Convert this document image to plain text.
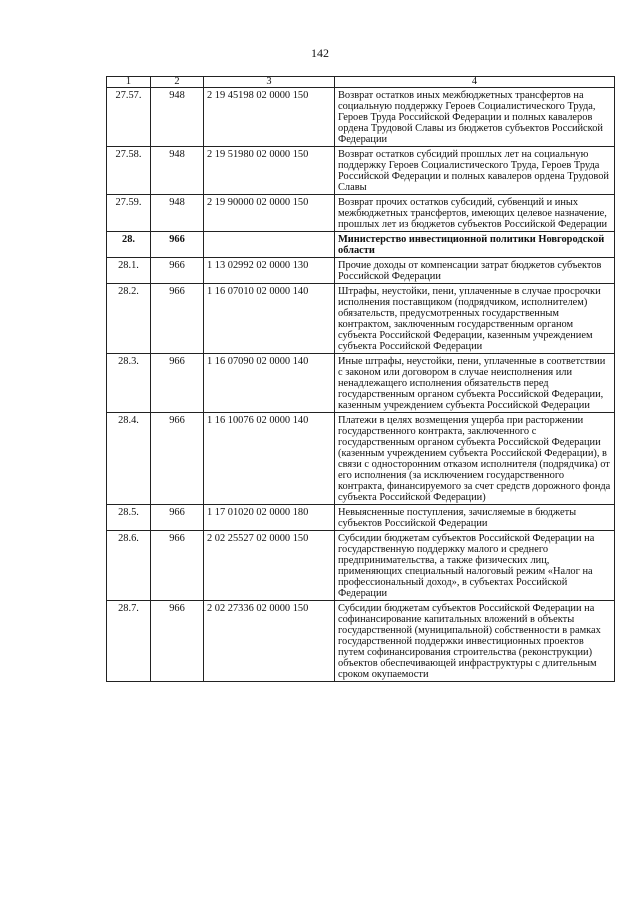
142
1	2	3	4
27.57.	948	2 19 45198 02 0000 150	Возврат остатков иных межбюджетных трансфертов на социальную поддержку Героев Социалистического Труда, Героев Труда Российской Федерации и полных кавалеров ордена Трудовой Славы из бюджетов субъектов Российской Федерации
27.58.	948	2 19 51980 02 0000 150	Возврат остатков субсидий прошлых лет на социальную поддержку Героев Социалистического Труда, Героев Труда Российской Федерации и полных кавалеров ордена Трудовой Славы
27.59.	948	2 19 90000 02 0000 150	Возврат прочих остатков субсидий, субвенций и иных межбюджетных трансфертов, имеющих целевое назначение, прошлых лет из бюджетов субъектов Российской Федерации
28.	966		Министерство инвестиционной политики Новгородской области
28.1.	966	1 13 02992 02 0000 130	Прочие доходы от компенсации затрат бюджетов субъектов Российской Федерации
28.2.	966	1 16 07010 02 0000 140	Штрафы, неустойки, пени, уплаченные в случае просрочки исполнения поставщиком (подрядчиком, исполнителем) обязательств, предусмотренных государственным контрактом, заключенным государственным органом субъекта Российской Федерации, казенным учреждением субъекта Российской Федерации
28.3.	966	1 16 07090 02 0000 140	Иные штрафы, неустойки, пени, уплаченные в соответствии с законом или договором в случае неисполнения или ненадлежащего исполнения обязательств перед государственным органом субъекта Российской Федерации, казенным учреждением субъекта Российской Федерации
28.4.	966	1 16 10076 02 0000 140	Платежи в целях возмещения ущерба при расторжении государственного контракта, заключенного с государственным органом субъекта Российской Федерации (казенным учреждением субъекта Российской Федерации), в связи с односторонним отказом исполнителя (подрядчика) от его исполнения (за исключением государственного контракта, финансируемого за счет средств дорожного фонда субъекта Российской Федерации)
28.5.	966	1 17 01020 02 0000 180	Невыясненные поступления, зачисляемые в бюджеты субъектов Российской Федерации
28.6.	966	2 02 25527 02 0000 150	Субсидии бюджетам субъектов Российской Федерации на государственную поддержку малого и среднего предпринимательства, а также физических лиц, применяющих специальный налоговый режим «Налог на профессиональный доход», в субъектах Российской Федерации
28.7.	966	2 02 27336 02 0000 150	Субсидии бюджетам субъектов Российской Федерации на софинансирование капитальных вложений в объекты государственной (муниципальной) собственности в рамках государственной поддержки инвестиционных проектов путем софинансирования строительства (реконструкции) объектов обеспечивающей инфраструктуры с длительным сроком окупаемости
